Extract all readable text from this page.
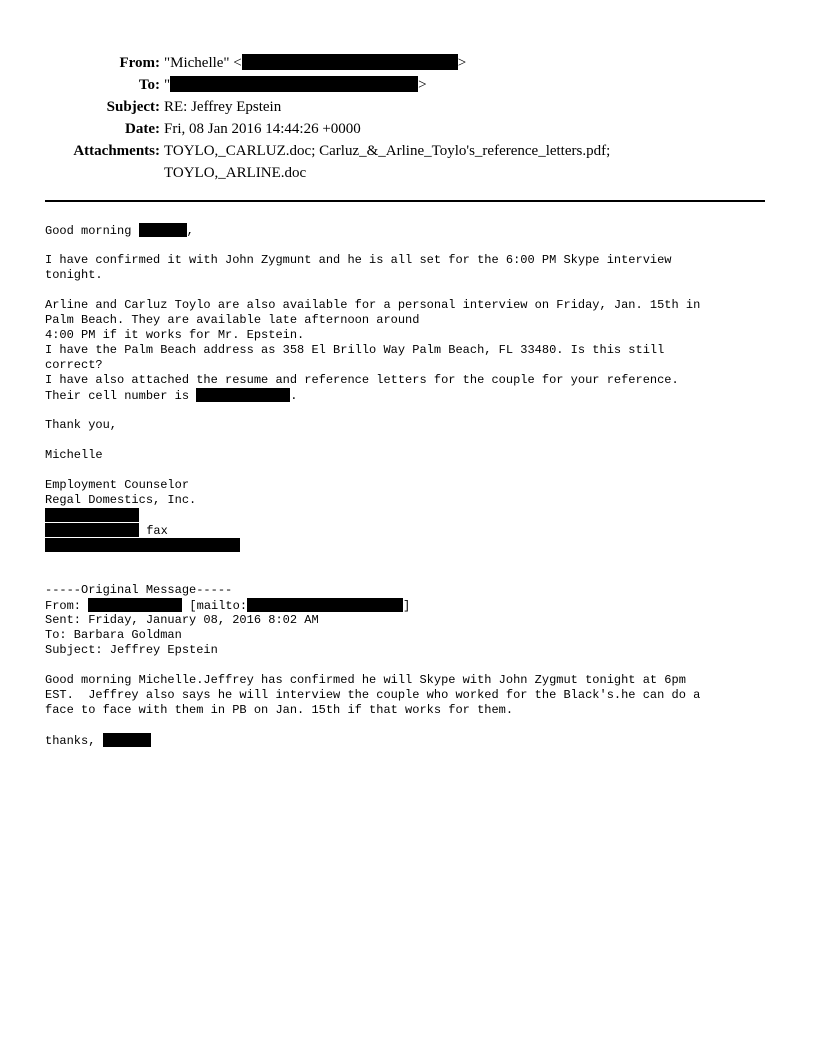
From: "Michelle" <	>
To: "	>
Subject: RE: Jeffrey Epstein
Date: Fri, 08 Jan 2016 14:44:26 +0000
Attachments: TOYLO,_CARLUZ.doc; Carluz_&_Arline_Toylo's_reference_letters.pdf; TOYLO,_ARLINE.doc
Good morning	,
I have confirmed it with John Zygmunt and he is all set for the 6:00 PM Skype interview
tonight.
Arline and Carluz Toylo are also available for a personal interview on Friday, Jan. 15th in
Palm Beach. They are available late afternoon around
4:00 PM if it works for Mr. Epstein.
I have the Palm Beach address as 358 El Brillo Way Palm Beach, FL 33480. Is this still
correct?
I have also attached the resume and reference letters for the couple for your reference.
Their cell number is	.
Thank you,
Michelle
Employment Counselor
Regal Domestics, Inc.
fax
-----Original Message-----
From:	[mailto:	]
Sent: Friday, January 08, 2016 8:02 AM
To: Barbara Goldman
Subject: Jeffrey Epstein
Good morning Michelle.Jeffrey has confirmed he will Skype with John Zygmut tonight at 6pm
EST.  Jeffrey also says he will interview the couple who worked for the Black's.he can do a
face to face with them in PB on Jan. 15th if that works for them.
thanks,
